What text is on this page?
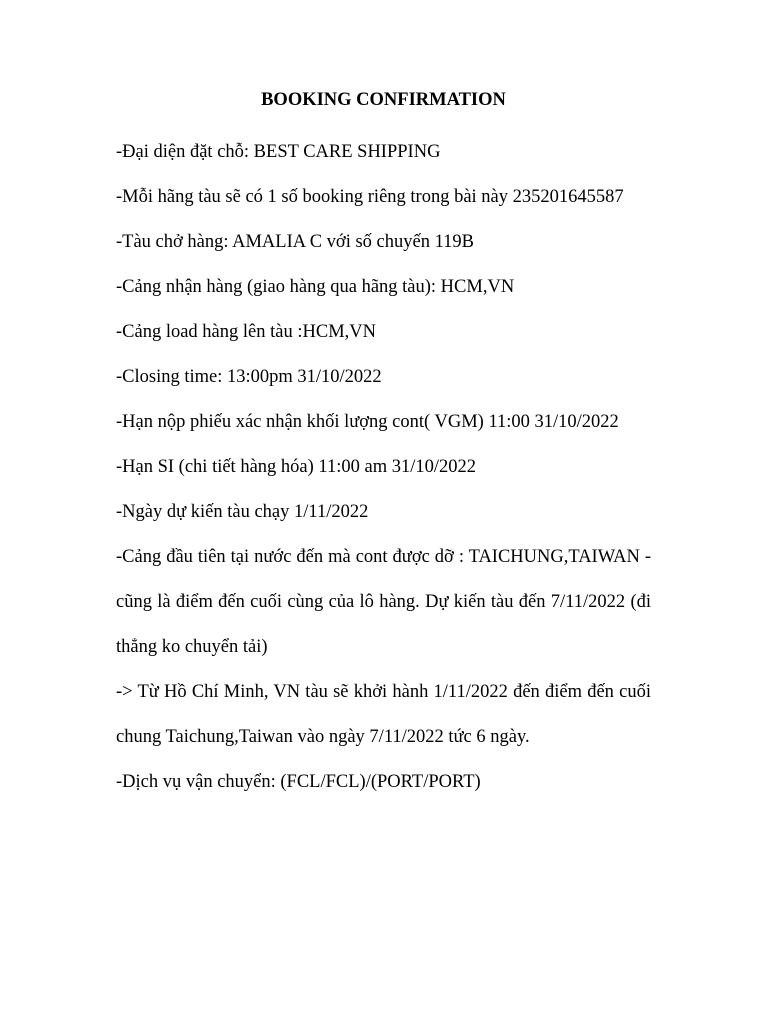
BOOKING CONFIRMATION

-Đại diện đặt chỗ: BEST CARE SHIPPING

-Mỗi hãng tàu sẽ có 1 số booking riêng trong bài này 235201645587

-Tàu chở hàng: AMALIA C với số chuyến 119B

-Cảng nhận hàng (giao hàng qua hãng tàu): HCM,VN

-Cảng load hàng lên tàu :HCM,VN

-Closing time: 13:00pm 31/10/2022

-Hạn nộp phiếu xác nhận khối lượng cont( VGM) 11:00 31/10/2022

-Hạn SI (chi tiết hàng hóa) 11:00 am 31/10/2022

-Ngày dự kiến tàu chạy 1/11/2022

-Cảng đầu tiên tại nước đến mà cont được dỡ : TAICHUNG,TAIWAN - cũng là điểm đến cuối cùng của lô hàng. Dự kiến tàu đến 7/11/2022 (đi thẳng ko chuyển tải)

-> Từ Hồ Chí Minh, VN tàu sẽ khởi hành 1/11/2022 đến điểm đến cuối chung Taichung,Taiwan vào ngày 7/11/2022 tức 6 ngày.

-Dịch vụ vận chuyển: (FCL/FCL)/(PORT/PORT)
